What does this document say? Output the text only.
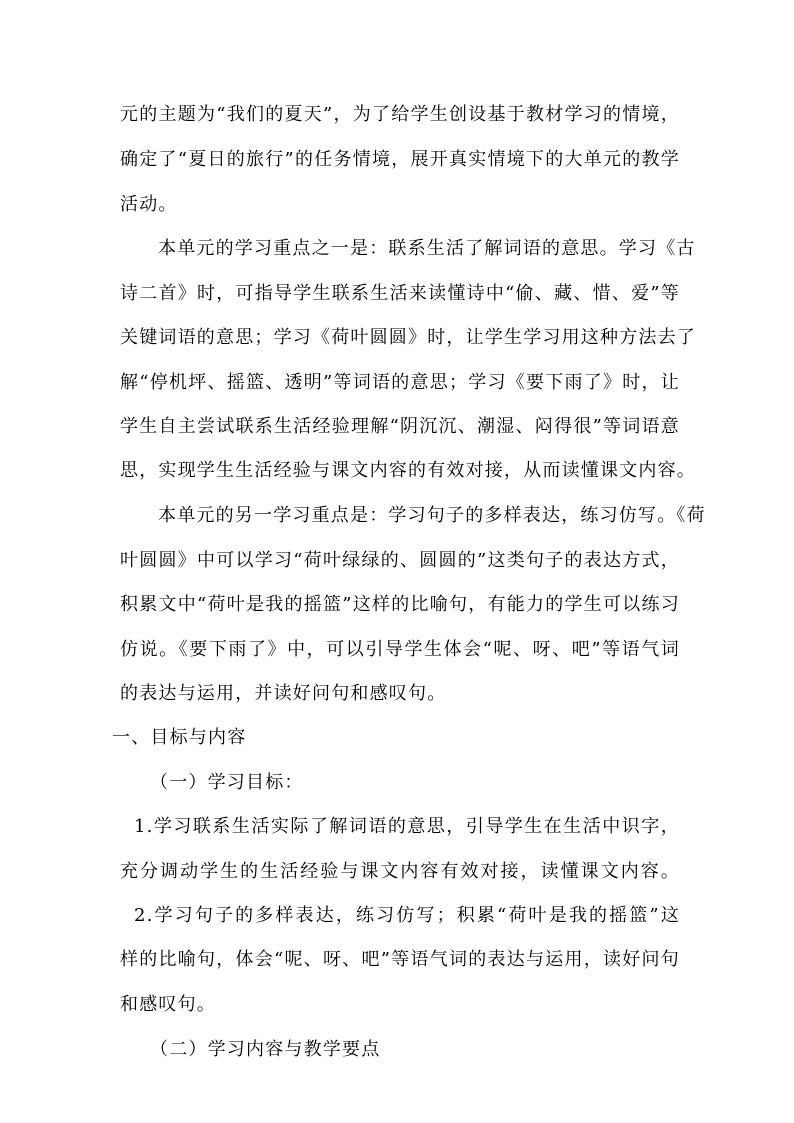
元的主题为“我们的夏天”，为了给学生创设基于教材学习的情境，
确定了“夏日的旅行”的任务情境，展开真实情境下的大单元的教学
活动。
本单元的学习重点之一是：联系生活了解词语的意思。学习《古
诗二首》时，可指导学生联系生活来读懂诗中“偷、藏、惜、爱”等
关键词语的意思；学习《荷叶圆圆》时，让学生学习用这种方法去了
解“停机坪、摇篮、透明”等词语的意思；学习《要下雨了》时，让
学生自主尝试联系生活经验理解“阴沉沉、潮湿、闷得很”等词语意
思，实现学生生活经验与课文内容的有效对接，从而读懂课文内容。
本单元的另一学习重点是：学习句子的多样表达，练习仿写。《荷
叶圆圆》中可以学习“荷叶绿绿的、圆圆的”这类句子的表达方式，
积累文中“荷叶是我的摇篮”这样的比喻句，有能力的学生可以练习
仿说。《要下雨了》中，可以引导学生体会“呢、呀、吧”等语气词
的表达与运用，并读好问句和感叹句。
一、目标与内容
（一）学习目标：
1.学习联系生活实际了解词语的意思，引导学生在生活中识字，
充分调动学生的生活经验与课文内容有效对接，读懂课文内容。
2.学习句子的多样表达，练习仿写；积累“荷叶是我的摇篮”这
样的比喻句，体会“呢、呀、吧”等语气词的表达与运用，读好问句
和感叹句。
（二）学习内容与教学要点
